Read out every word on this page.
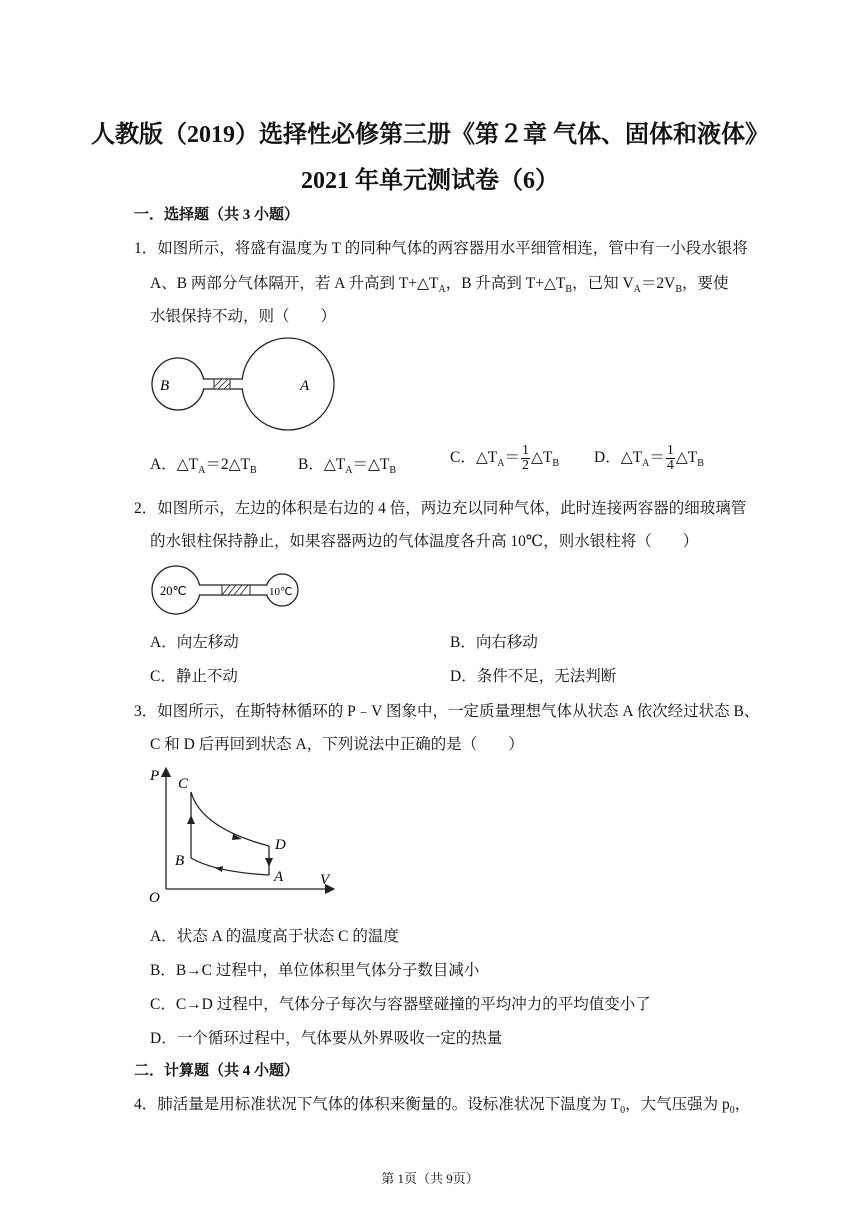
人教版（2019）选择性必修第三册《第２章 气体、固体和液体》
2021 年单元测试卷（6）
一．选择题（共 3 小题）
1．如图所示，将盛有温度为 T 的同种气体的两容器用水平细管相连，管中有一小段水银将
A、B 两部分气体隔开，若 A 升高到 $T+\triangle T_A$，B 升高到 $T+\triangle T_B$，已知 $V_A=2V_B$，要使
水银保持不动，则（　　）
B	A
A．$\triangle T_A=2\triangle T_B$	B．$\triangle T_A=\triangle T_B$
C．$\triangle T_A= \frac{1}{2}$ $\triangle T_B$ D．$\triangle T_A= \frac{1}{4}$ $\triangle T_B$
2．如图所示，左边的体积是右边的 4 倍，两边充以同种气体，此时连接两容器的细玻璃管
的水银柱保持静止，如果容器两边的气体温度各升高 10℃，则水银柱将（　　）
20℃	10℃
A．向左移动	B．向右移动
C．静止不动	D．条件不足，无法判断
3．如图所示，在斯特林循环的 P﹣V 图象中，一定质量理想气体从状态 A 依次经过状态 B、
C 和 D 后再回到状态 A，下列说法中正确的是（　　）
P
V
O
C
D
B
A
A．状态 A 的温度高于状态 C 的温度
B．B→C 过程中，单位体积里气体分子数目减小
C．C→D 过程中，气体分子每次与容器壁碰撞的平均冲力的平均值变小了
D．一个循环过程中，气体要从外界吸收一定的热量
二．计算题（共 4 小题）
4．肺活量是用标准状况下气体的体积来衡量的。设标准状况下温度为 $T_0$，大气压强为 $p_0$，
第 1页（共 9页）
